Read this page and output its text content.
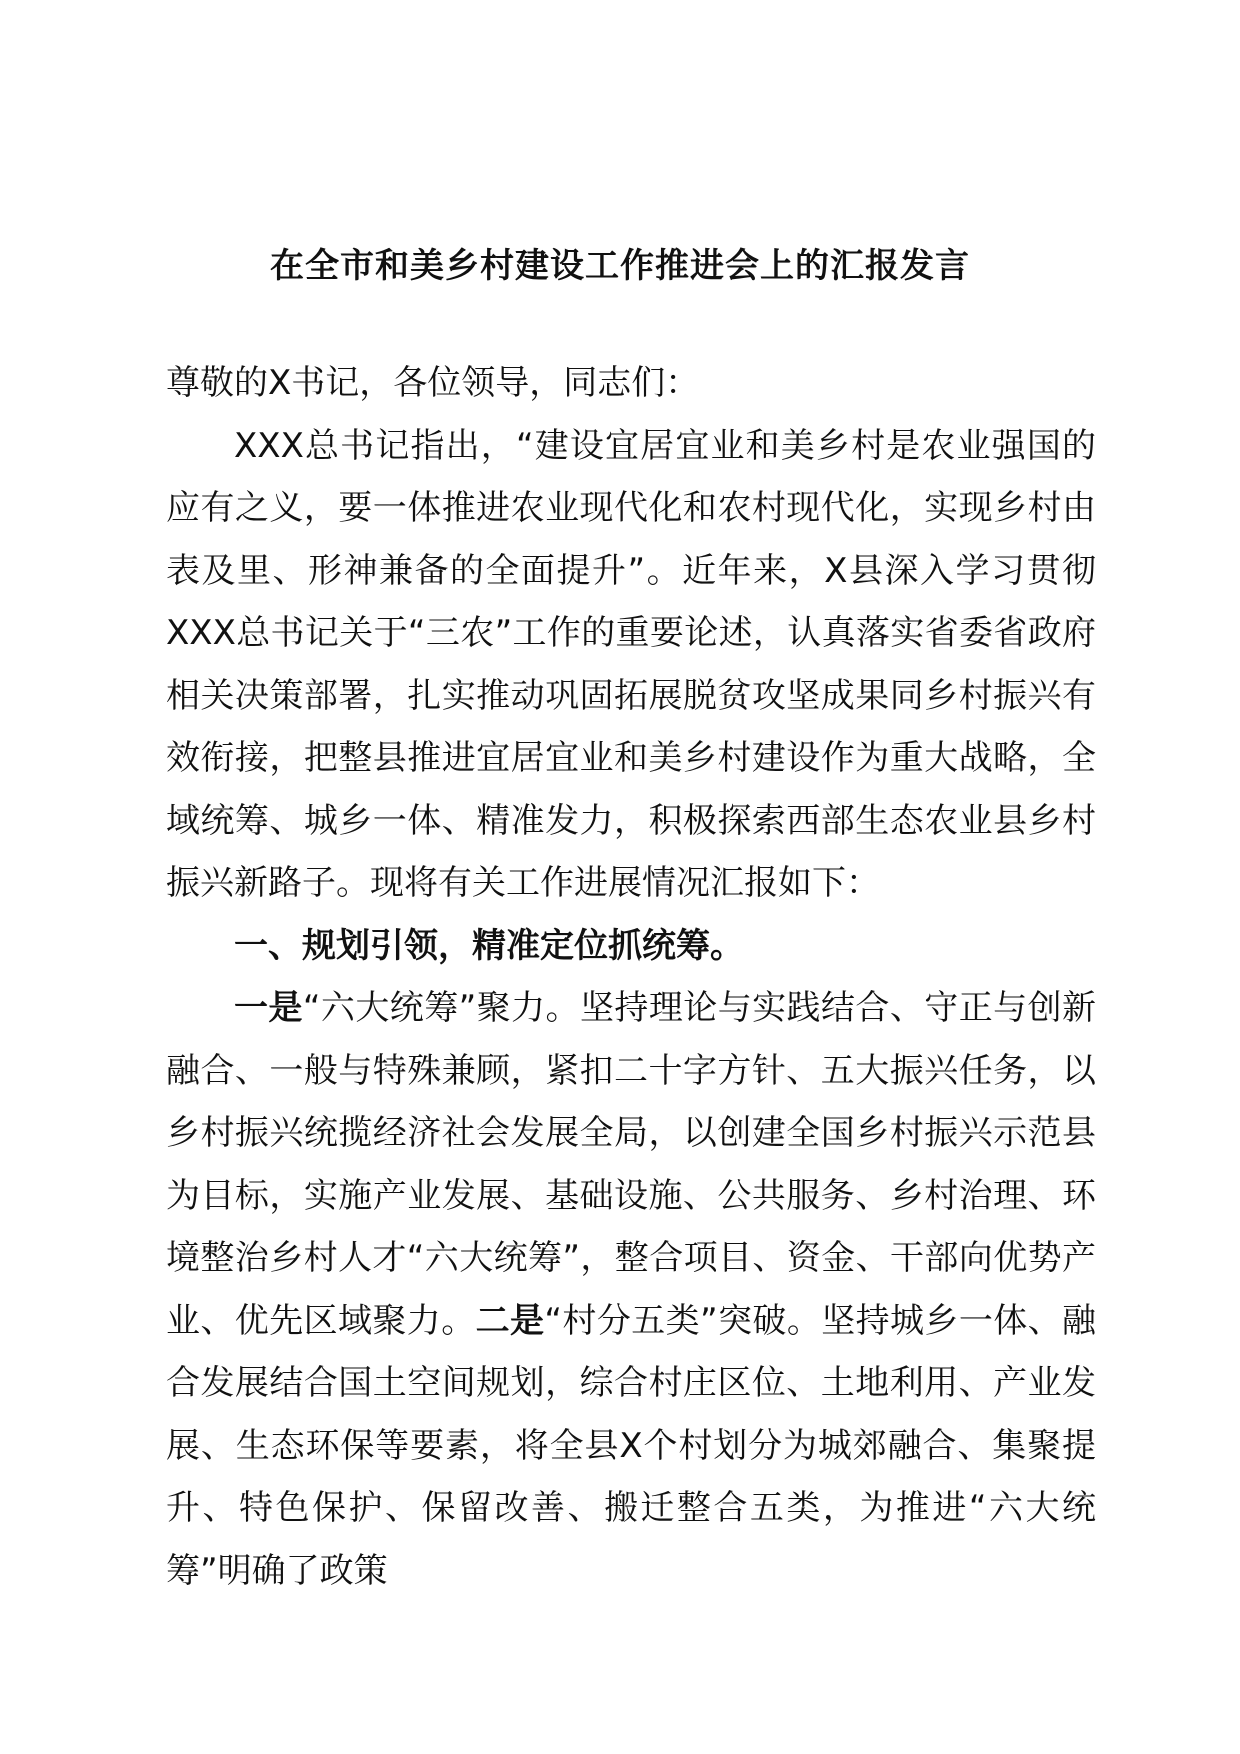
在全市和美乡村建设工作推进会上的汇报发言

尊敬的X书记，各位领导，同志们：

XXX总书记指出，“建设宜居宜业和美乡村是农业强国的应有之义，要一体推进农业现代化和农村现代化，实现乡村由表及里、形神兼备的全面提升”。近年来，X县深入学习贯彻XXX总书记关于“三农”工作的重要论述，认真落实省委省政府相关决策部署，扎实推动巩固拓展脱贫攻坚成果同乡村振兴有效衔接，把整县推进宜居宜业和美乡村建设作为重大战略，全域统筹、城乡一体、精准发力，积极探索西部生态农业县乡村振兴新路子。现将有关工作进展情况汇报如下：

一、规划引领，精准定位抓统筹。

一是“六大统筹”聚力。坚持理论与实践结合、守正与创新融合、一般与特殊兼顾，紧扣二十字方针、五大振兴任务，以乡村振兴统揽经济社会发展全局，以创建全国乡村振兴示范县为目标，实施产业发展、基础设施、公共服务、乡村治理、环境整治乡村人才“六大统筹”，整合项目、资金、干部向优势产业、优先区域聚力。二是“村分五类”突破。坚持城乡一体、融合发展结合国土空间规划，综合村庄区位、土地利用、产业发展、生态环保等要素，将全县X个村划分为城郊融合、集聚提升、特色保护、保留改善、搬迁整合五类，为推进“六大统筹”明确了政策
